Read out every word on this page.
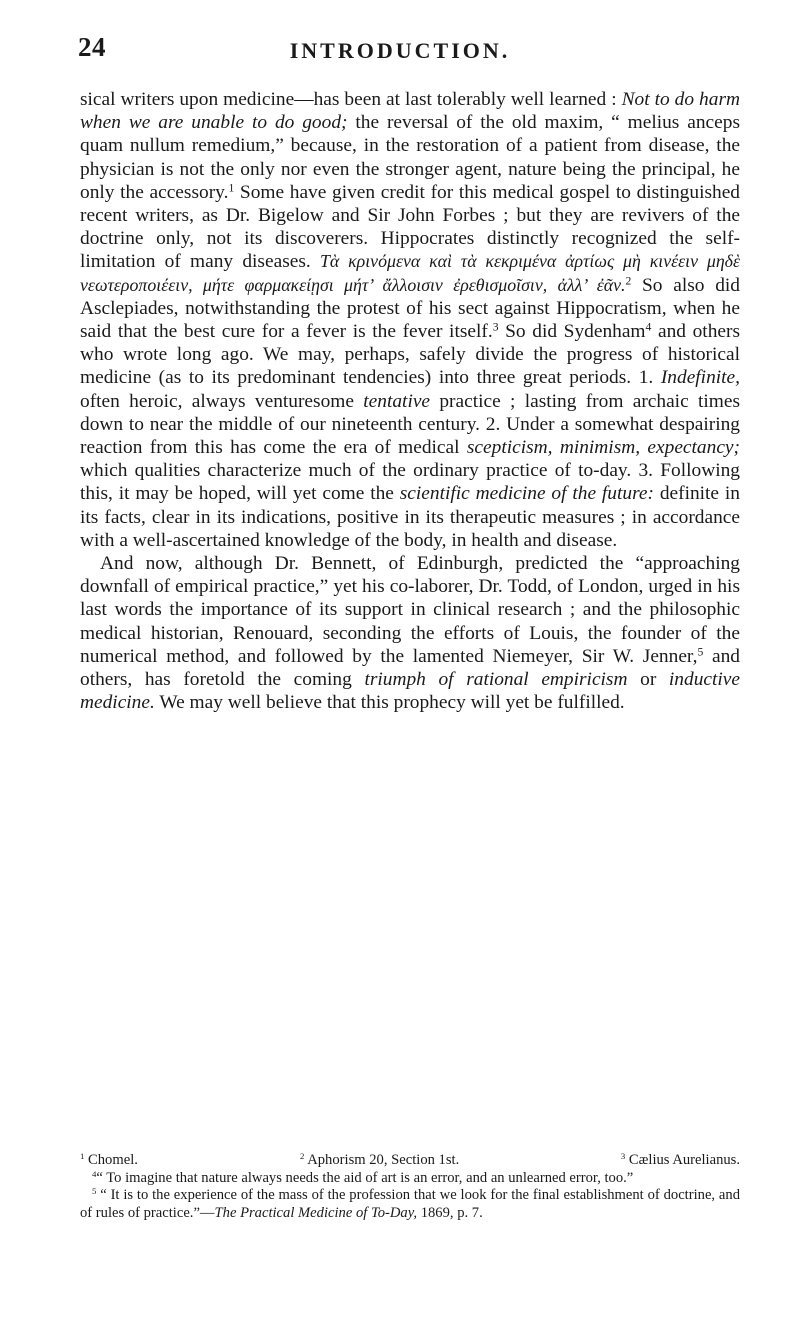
24	INTRODUCTION.

sical writers upon medicine—has been at last tolerably well learned : Not to do harm when we are unable to do good; the reversal of the old maxim, “ melius anceps quam nullum remedium,” because, in the restoration of a patient from disease, the physician is not the only nor even the stronger agent, nature being the principal, he only the accessory.$^1$ Some have given credit for this medical gospel to distinguished recent writers, as Dr. Bigelow and Sir John Forbes ; but they are revivers of the doctrine only, not its discoverers. Hippocrates distinctly recognized the self-limitation of many diseases. Τὰ κρινόμενα καὶ τὰ κεκριμένα ἀρτίως μὴ κινέειν μηδὲ νεωτεροποιέειν, μήτε φαρμακείῃσι μήτ’ ἄλλοισιν ἐρεθισμοῖσιν, ἀλλ’ ἐᾶν.$^2$ So also did Asclepiades, notwithstanding the protest of his sect against Hippocratism, when he said that the best cure for a fever is the fever itself.$^3$ So did Sydenham$^4$ and others who wrote long ago. We may, perhaps, safely divide the progress of historical medicine (as to its predominant tendencies) into three great periods. 1. Indefinite, often heroic, always venturesome tentative practice ; lasting from archaic times down to near the middle of our nineteenth century. 2. Under a somewhat despairing reaction from this has come the era of medical scepticism, minimism, expectancy; which qualities characterize much of the ordinary practice of to-day. 3. Following this, it may be hoped, will yet come the scientific medicine of the future: definite in its facts, clear in its indications, positive in its therapeutic measures ; in accordance with a well-ascertained knowledge of the body, in health and disease.

And now, although Dr. Bennett, of Edinburgh, predicted the “approaching downfall of empirical practice,” yet his co-laborer, Dr. Todd, of London, urged in his last words the importance of its support in clinical research ; and the philosophic medical historian, Renouard, seconding the efforts of Louis, the founder of the numerical method, and followed by the lamented Niemeyer, Sir W. Jenner,$^5$ and others, has foretold the coming triumph of rational empiricism or inductive medicine. We may well believe that this prophecy will yet be fulfilled.

$^1$ Chomel.	$^2$ Aphorism 20, Section 1st.	$^3$ Cælius Aurelianus.

$^4$“ To imagine that nature always needs the aid of art is an error, and an unlearned error, too.”

$^5$ “ It is to the experience of the mass of the profession that we look for the final establishment of doctrine, and of rules of practice.”—The Practical Medicine of To-Day, 1869, p. 7.
